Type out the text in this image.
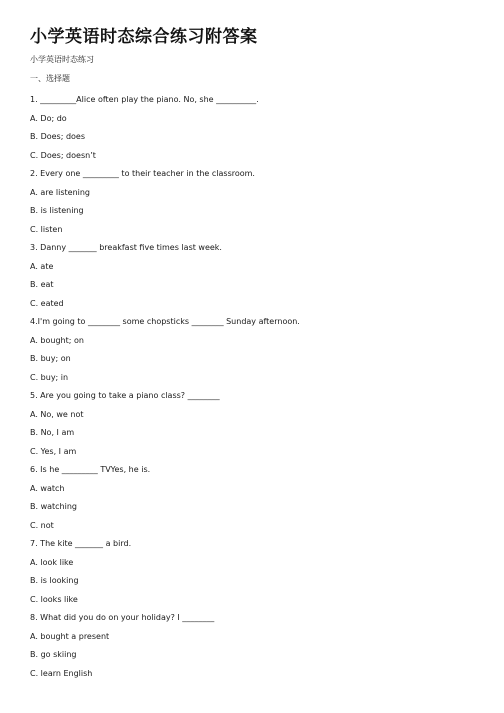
小学英语时态综合练习附答案
小学英语时态练习
一、选择题
1. _________Alice often play the piano. No, she __________.
A. Do; do
B. Does; does
C. Does; doesn’t
2. Every one _________ to their teacher in the classroom.
A. are listening
B. is listening
C. listen
3. Danny _______ breakfast five times last week.
A. ate
B. eat
C. eated
4.I'm going to ________ some chopsticks ________ Sunday afternoon.
A. bought; on
B. buy; on
C. buy; in
5. Are you going to take a piano class? ________
A. No, we not
B. No, I am
C. Yes, I am
6. Is he _________ TVYes, he is.
A. watch
B. watching
C. not
7. The kite _______ a bird.
A. look like
B. is looking
C. looks like
8. What did you do on your holiday? I ________
A. bought a present
B. go skiing
C. learn English
